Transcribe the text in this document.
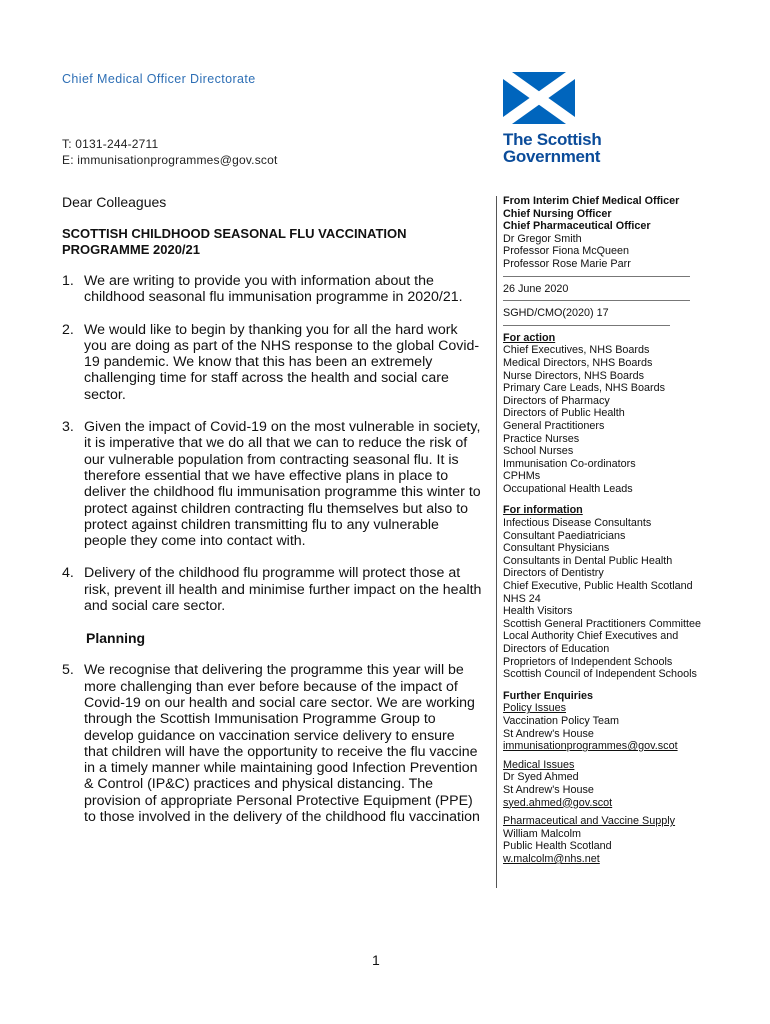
Chief Medical Officer Directorate
T: 0131-244-2711
E: immunisationprogrammes@gov.scot
The Scottish
Government
Dear Colleagues
SCOTTISH CHILDHOOD SEASONAL FLU VACCINATION PROGRAMME 2020/21
1. We are writing to provide you with information about the childhood seasonal flu immunisation programme in 2020/21.
2. We would like to begin by thanking you for all the hard work you are doing as part of the NHS response to the global Covid-19 pandemic. We know that this has been an extremely challenging time for staff across the health and social care sector.
3. Given the impact of Covid-19 on the most vulnerable in society, it is imperative that we do all that we can to reduce the risk of our vulnerable population from contracting seasonal flu. It is therefore essential that we have effective plans in place to deliver the childhood flu immunisation programme this winter to protect against children contracting flu themselves but also to protect against children transmitting flu to any vulnerable people they come into contact with.
4. Delivery of the childhood flu programme will protect those at risk, prevent ill health and minimise further impact on the health and social care sector.
Planning
5. We recognise that delivering the programme this year will be more challenging than ever before because of the impact of Covid-19 on our health and social care sector. We are working through the Scottish Immunisation Programme Group to develop guidance on vaccination service delivery to ensure that children will have the opportunity to receive the flu vaccine in a timely manner while maintaining good Infection Prevention & Control (IP&C) practices and physical distancing. The provision of appropriate Personal Protective Equipment (PPE) to those involved in the delivery of the childhood flu vaccination
From Interim Chief Medical Officer
Chief Nursing Officer
Chief Pharmaceutical Officer
Dr Gregor Smith
Professor Fiona McQueen
Professor Rose Marie Parr
26 June 2020
SGHD/CMO(2020) 17
For action
Chief Executives, NHS Boards
Medical Directors, NHS Boards
Nurse Directors, NHS Boards
Primary Care Leads, NHS Boards
Directors of Pharmacy
Directors of Public Health
General Practitioners
Practice Nurses
School Nurses
Immunisation Co-ordinators
CPHMs
Occupational Health Leads
For information
Infectious Disease Consultants
Consultant Paediatricians
Consultant Physicians
Consultants in Dental Public Health
Directors of Dentistry
Chief Executive, Public Health Scotland
NHS 24
Health Visitors
Scottish General Practitioners Committee
Local Authority Chief Executives and
Directors of Education
Proprietors of Independent Schools
Scottish Council of Independent Schools
Further Enquiries
Policy Issues
Vaccination Policy Team
St Andrew's House
immunisationprogrammes@gov.scot
Medical Issues
Dr Syed Ahmed
St Andrew's House
syed.ahmed@gov.scot
Pharmaceutical and Vaccine Supply
William Malcolm
Public Health Scotland
w.malcolm@nhs.net
1
